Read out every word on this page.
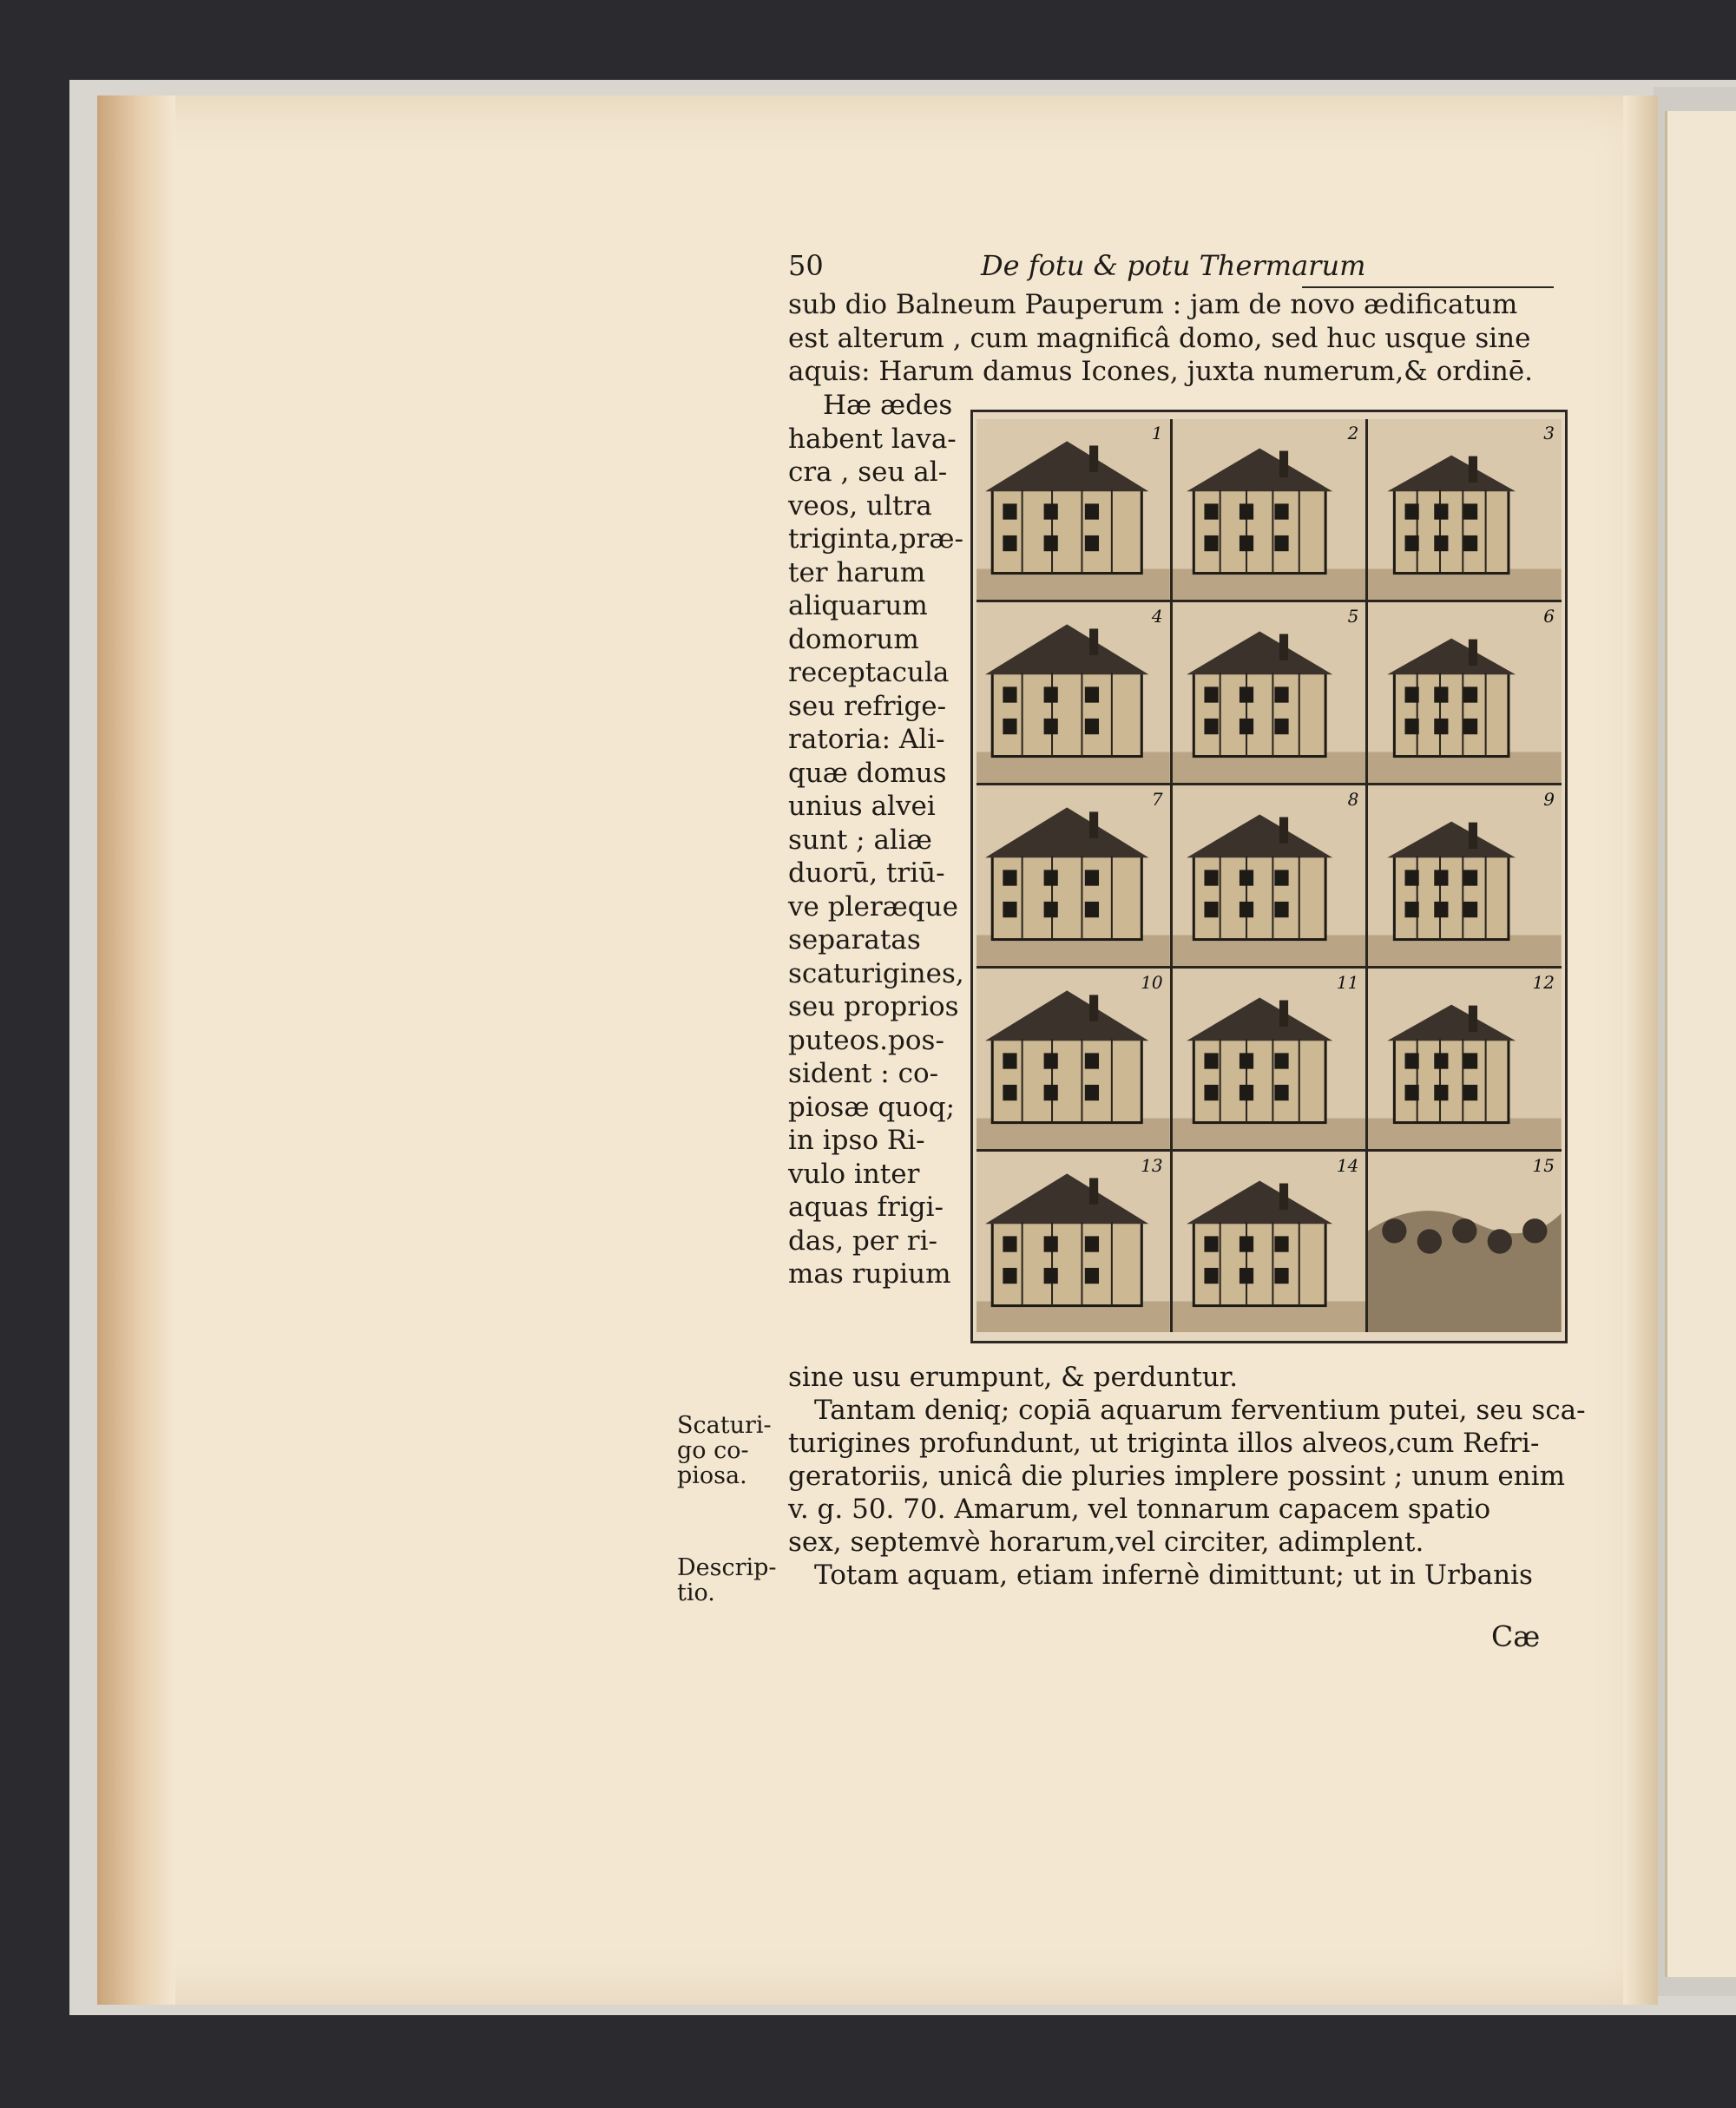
50	De fotu & potu Thermarum
sub dio Balneum Pauperum : jam de novo ædificatum
est alterum , cum magnificâ domo, sed huc usque sine
aquis: Harum damus Icones, juxta numerum,& ordinē.
Hæ ædes
habent lava-
cra , seu al-
veos, ultra
triginta,præ-
ter harum
aliquarum
domorum
receptacula
seu refrige-
ratoria: Ali-
quæ domus
unius alvei
sunt ; aliæ
duorū, triū-
ve pleræque
separatas
scaturigines,
seu proprios
puteos.pos-
sident : co-
piosæ quoq;
in ipso Ri-
vulo inter
aquas frigi-
das, per ri-
mas rupium
sine usu erumpunt, & perduntur.
Tantam deniq; copiā aquarum ferventium putei, seu sca-
turigines profundunt, ut triginta illos alveos,cum Refri-
geratoriis, unicâ die pluries implere possint ; unum enim
v. g. 50. 70. Amarum, vel tonnarum capacem spatio
sex, septemvè horarum,vel circiter, adimplent.
Totam aquam, etiam infernè dimittunt; ut in Urbanis
Scaturi-
go co-
piosa.
Descrip-
tio.
Cæ
1	2	3
4	5	6
7	8	9
10	11	12
13	14	15
